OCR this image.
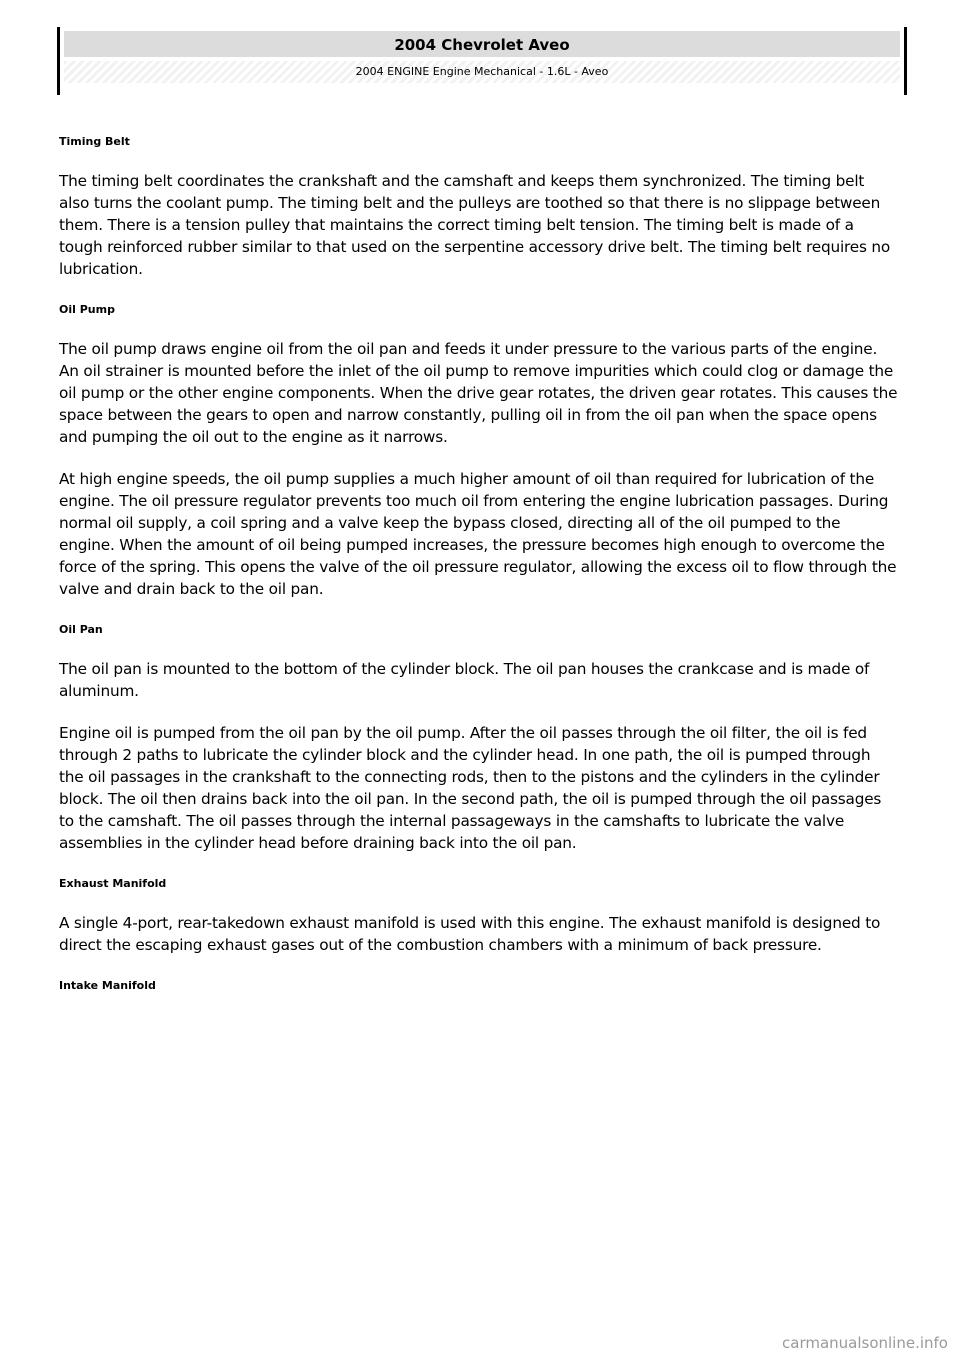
2004 Chevrolet Aveo
2004 ENGINE Engine Mechanical - 1.6L - Aveo
Timing Belt

The timing belt coordinates the crankshaft and the camshaft and keeps them synchronized. The timing belt also turns the coolant pump. The timing belt and the pulleys are toothed so that there is no slippage between them. There is a tension pulley that maintains the correct timing belt tension. The timing belt is made of a tough reinforced rubber similar to that used on the serpentine accessory drive belt. The timing belt requires no lubrication.

Oil Pump

The oil pump draws engine oil from the oil pan and feeds it under pressure to the various parts of the engine. An oil strainer is mounted before the inlet of the oil pump to remove impurities which could clog or damage the oil pump or the other engine components. When the drive gear rotates, the driven gear rotates. This causes the space between the gears to open and narrow constantly, pulling oil in from the oil pan when the space opens and pumping the oil out to the engine as it narrows.

At high engine speeds, the oil pump supplies a much higher amount of oil than required for lubrication of the engine. The oil pressure regulator prevents too much oil from entering the engine lubrication passages. During normal oil supply, a coil spring and a valve keep the bypass closed, directing all of the oil pumped to the engine. When the amount of oil being pumped increases, the pressure becomes high enough to overcome the force of the spring. This opens the valve of the oil pressure regulator, allowing the excess oil to flow through the valve and drain back to the oil pan.

Oil Pan

The oil pan is mounted to the bottom of the cylinder block. The oil pan houses the crankcase and is made of aluminum.

Engine oil is pumped from the oil pan by the oil pump. After the oil passes through the oil filter, the oil is fed through 2 paths to lubricate the cylinder block and the cylinder head. In one path, the oil is pumped through the oil passages in the crankshaft to the connecting rods, then to the pistons and the cylinders in the cylinder block. The oil then drains back into the oil pan. In the second path, the oil is pumped through the oil passages to the camshaft. The oil passes through the internal passageways in the camshafts to lubricate the valve assemblies in the cylinder head before draining back into the oil pan.

Exhaust Manifold

A single 4-port, rear-takedown exhaust manifold is used with this engine. The exhaust manifold is designed to direct the escaping exhaust gases out of the combustion chambers with a minimum of back pressure.

Intake Manifold
carmanualsonline.info
